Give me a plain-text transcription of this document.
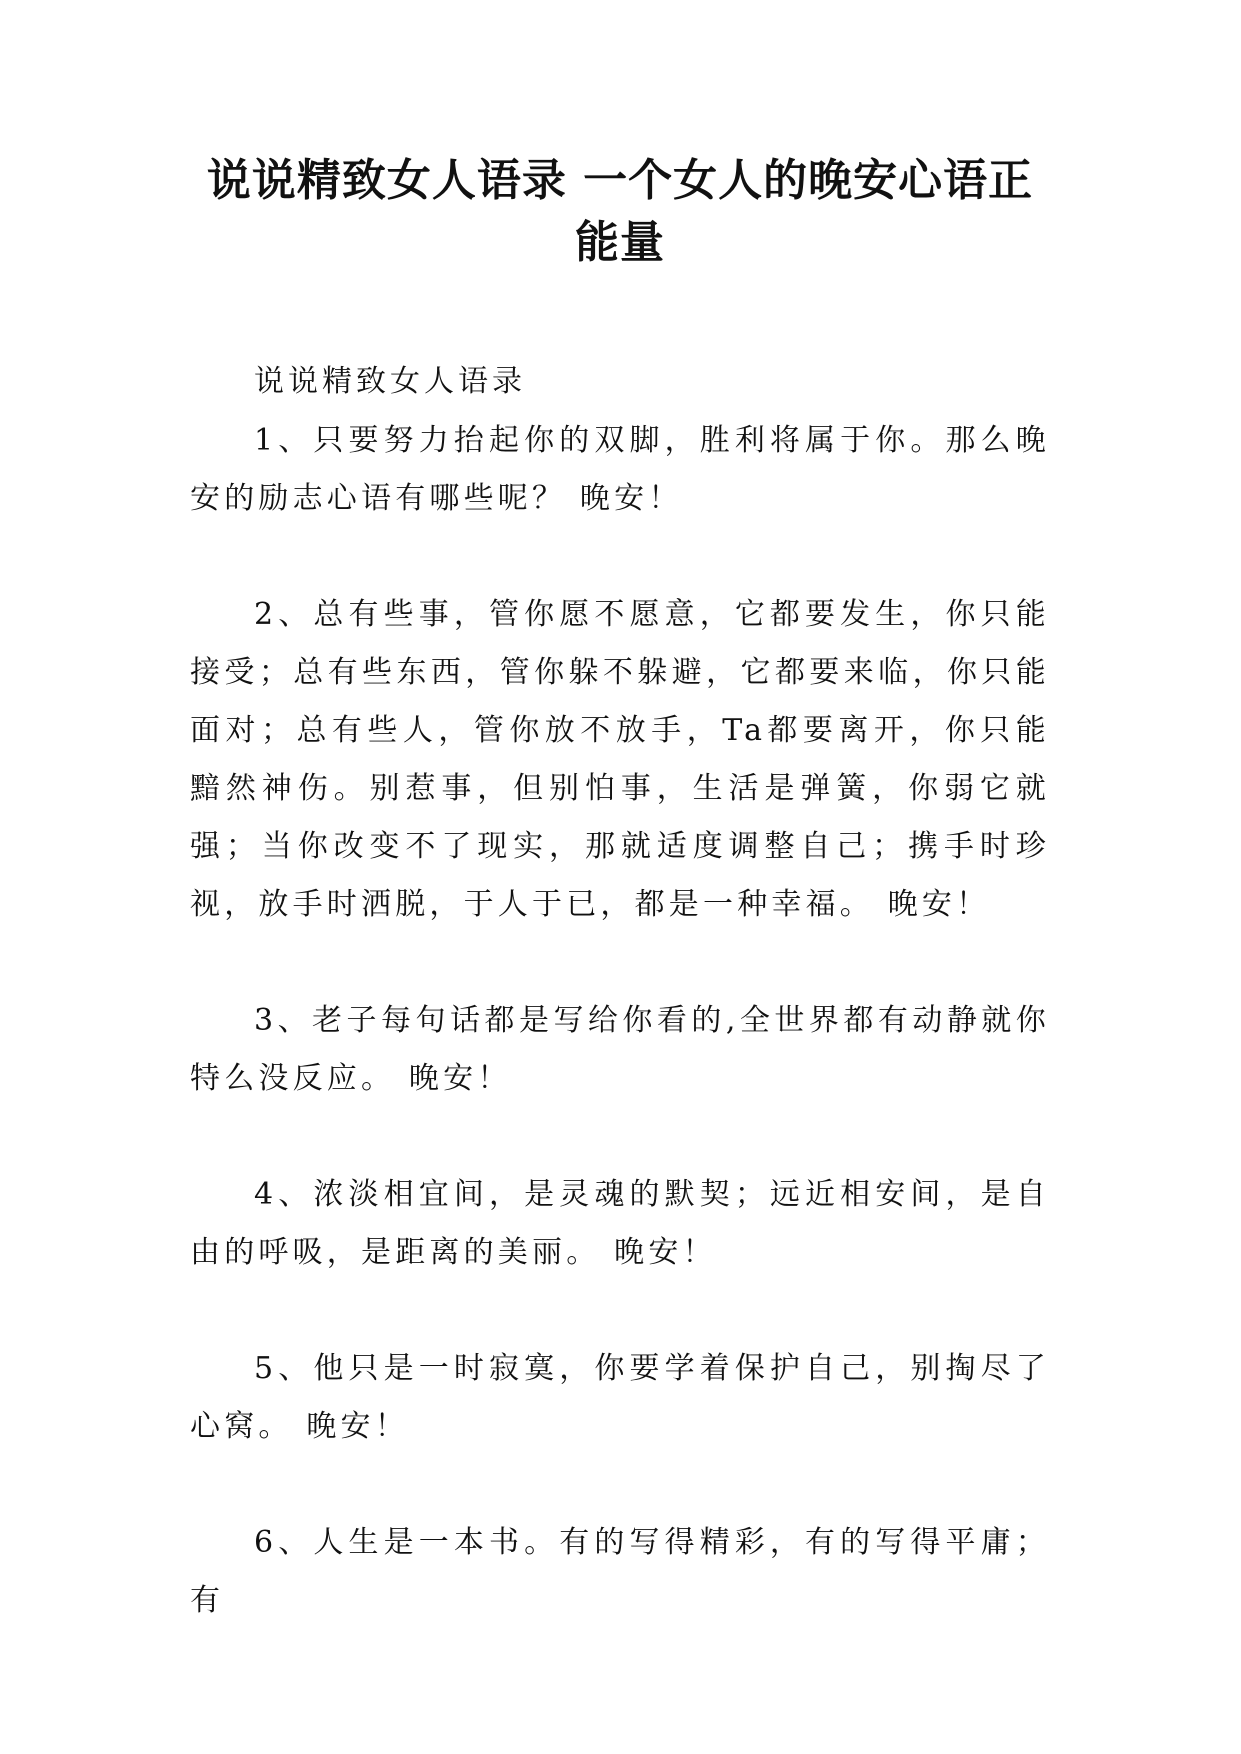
说说精致女人语录 一个女人的晚安心语正
能量

说说精致女人语录

1、只要努力抬起你的双脚，胜利将属于你。那么晚安的励志心语有哪些呢？ 晚安！

2、总有些事，管你愿不愿意，它都要发生，你只能接受；总有些东西，管你躲不躲避，它都要来临，你只能面对；总有些人，管你放不放手，Ta都要离开，你只能黯然神伤。别惹事，但别怕事，生活是弹簧，你弱它就强；当你改变不了现实，那就适度调整自己；携手时珍视，放手时洒脱，于人于已，都是一种幸福。 晚安！

3、老子每句话都是写给你看的,全世界都有动静就你特么没反应。 晚安！

4、浓淡相宜间，是灵魂的默契；远近相安间，是自由的呼吸，是距离的美丽。 晚安！

5、他只是一时寂寞，你要学着保护自己，别掏尽了心窝。 晚安！

6、人生是一本书。有的写得精彩，有的写得平庸；有
